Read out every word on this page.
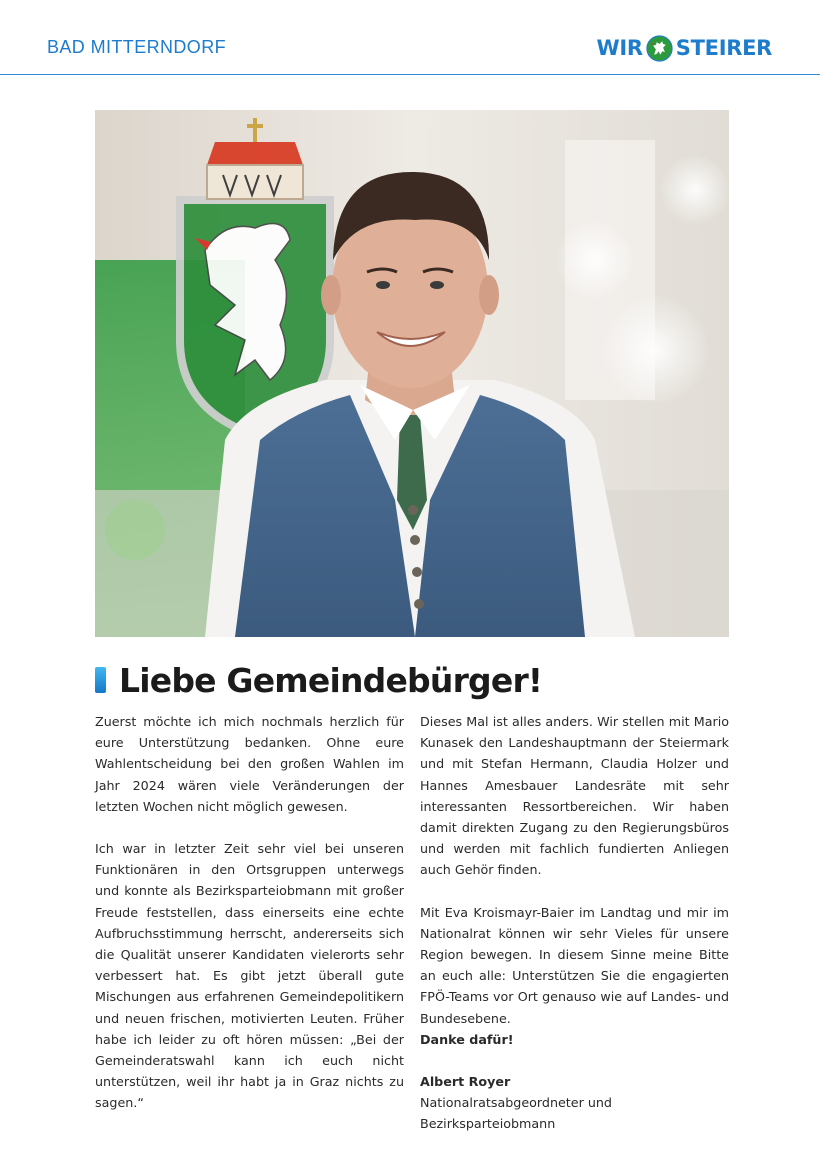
BAD MITTERNDORF	WIR STEIRER
Liebe Gemeindebürger!

Zuerst möchte ich mich nochmals herzlich für eure Unterstützung bedanken. Ohne eure Wahlentscheidung bei den großen Wahlen im Jahr 2024 wären viele Veränderungen der letzten Wochen nicht möglich gewesen.

Ich war in letzter Zeit sehr viel bei unseren Funktionären in den Ortsgruppen unterwegs und konnte als Bezirksparteiobmann mit großer Freude feststellen, dass einerseits eine echte Aufbruchsstimmung herrscht, andererseits sich die Qualität unserer Kandidaten vielerorts sehr verbessert hat. Es gibt jetzt überall gute Mischungen aus erfahrenen Gemeindepolitikern und neuen frischen, motivierten Leuten. Früher habe ich leider zu oft hören müssen: „Bei der Gemeinderatswahl kann ich euch nicht unterstützen, weil ihr habt ja in Graz nichts zu sagen.“

Dieses Mal ist alles anders. Wir stellen mit Mario Kunasek den Landeshauptmann der Steiermark und mit Stefan Hermann, Claudia Holzer und Hannes Amesbauer Landesräte mit sehr interessanten Ressortbereichen. Wir haben damit direkten Zugang zu den Regierungsbüros und werden mit fachlich fundierten Anliegen auch Gehör finden.

Mit Eva Kroismayr-Baier im Landtag und mir im Nationalrat können wir sehr Vieles für unsere Region bewegen. In diesem Sinne meine Bitte an euch alle: Unterstützen Sie die engagierten FPÖ-Teams vor Ort genauso wie auf Landes- und Bundesebene.

Danke dafür!

Albert Royer

Nationalratsabgeordneter und

Bezirksparteiobmann
